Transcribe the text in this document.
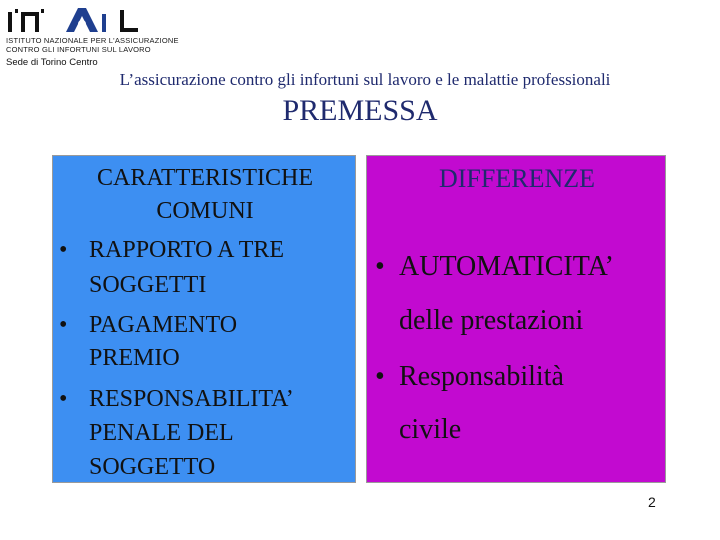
ISTITUTO NAZIONALE PER L'ASSICURAZIONE
CONTRO GLI INFORTUNI SUL LAVORO
Sede di Torino Centro
L’assicurazione contro gli infortuni sul lavoro e le malattie professionali
PREMESSA
CARATTERISTICHE
COMUNI
• RAPPORTO A TRE
SOGGETTI
• PAGAMENTO
PREMIO
• RESPONSABILITA’
PENALE DEL
SOGGETTO
DIFFERENZE
• AUTOMATICITA’
delle prestazioni
• Responsabilità
civile
2
